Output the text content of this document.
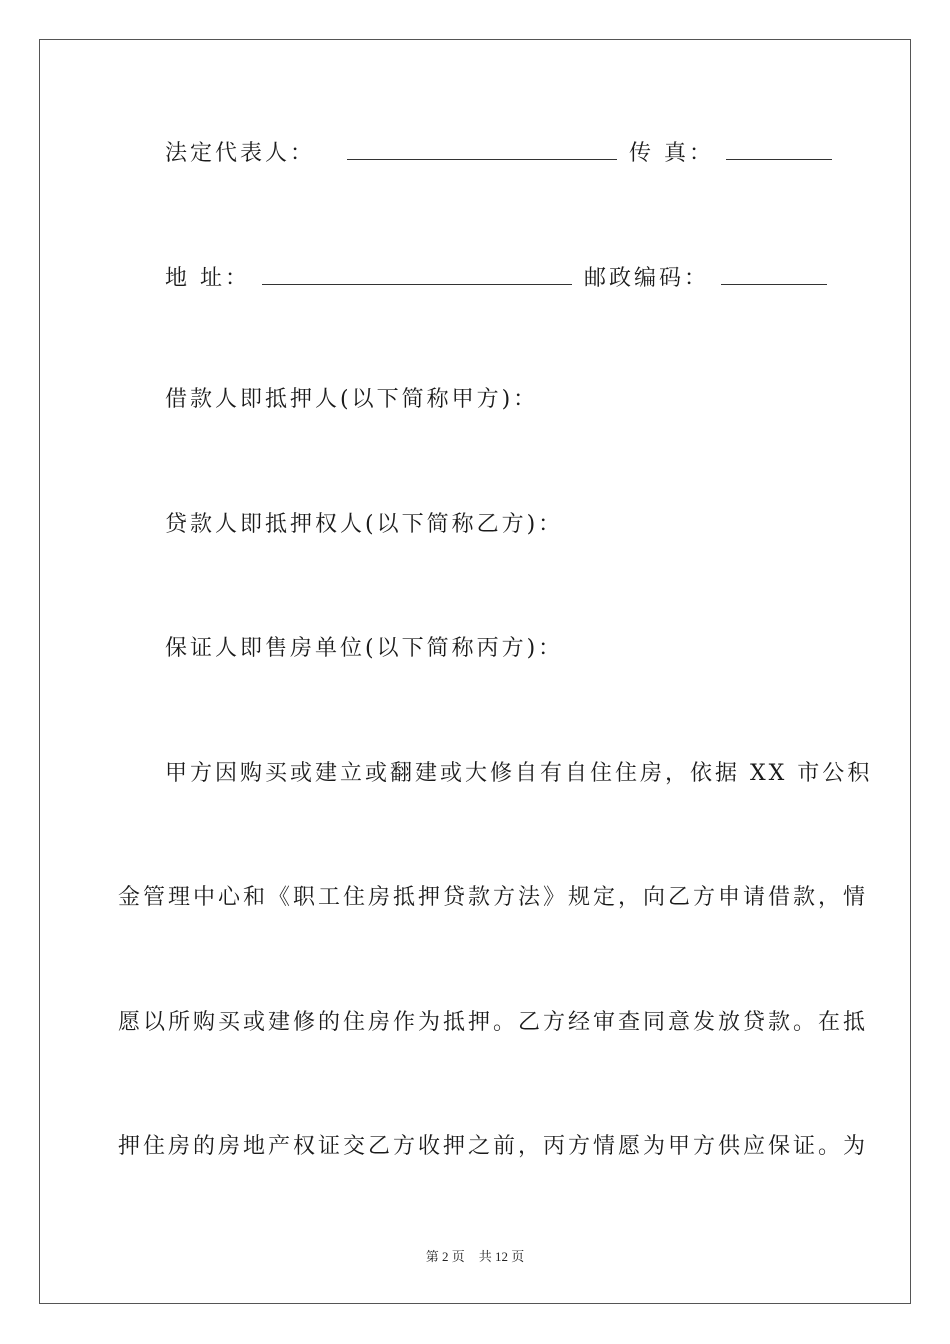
法定代表人：	传 真：
地 址：	邮政编码：
借款人即抵押人(以下简称甲方)：
贷款人即抵押权人(以下简称乙方)：
保证人即售房单位(以下简称丙方)：
甲方因购买或建立或翻建或大修自有自住住房，依据 XX 市公积
金管理中心和《职工住房抵押贷款方法》规定，向乙方申请借款，情
愿以所购买或建修的住房作为抵押。乙方经审查同意发放贷款。在抵
押住房的房地产权证交乙方收押之前，丙方情愿为甲方供应保证。为
第 2 页 共 12 页
